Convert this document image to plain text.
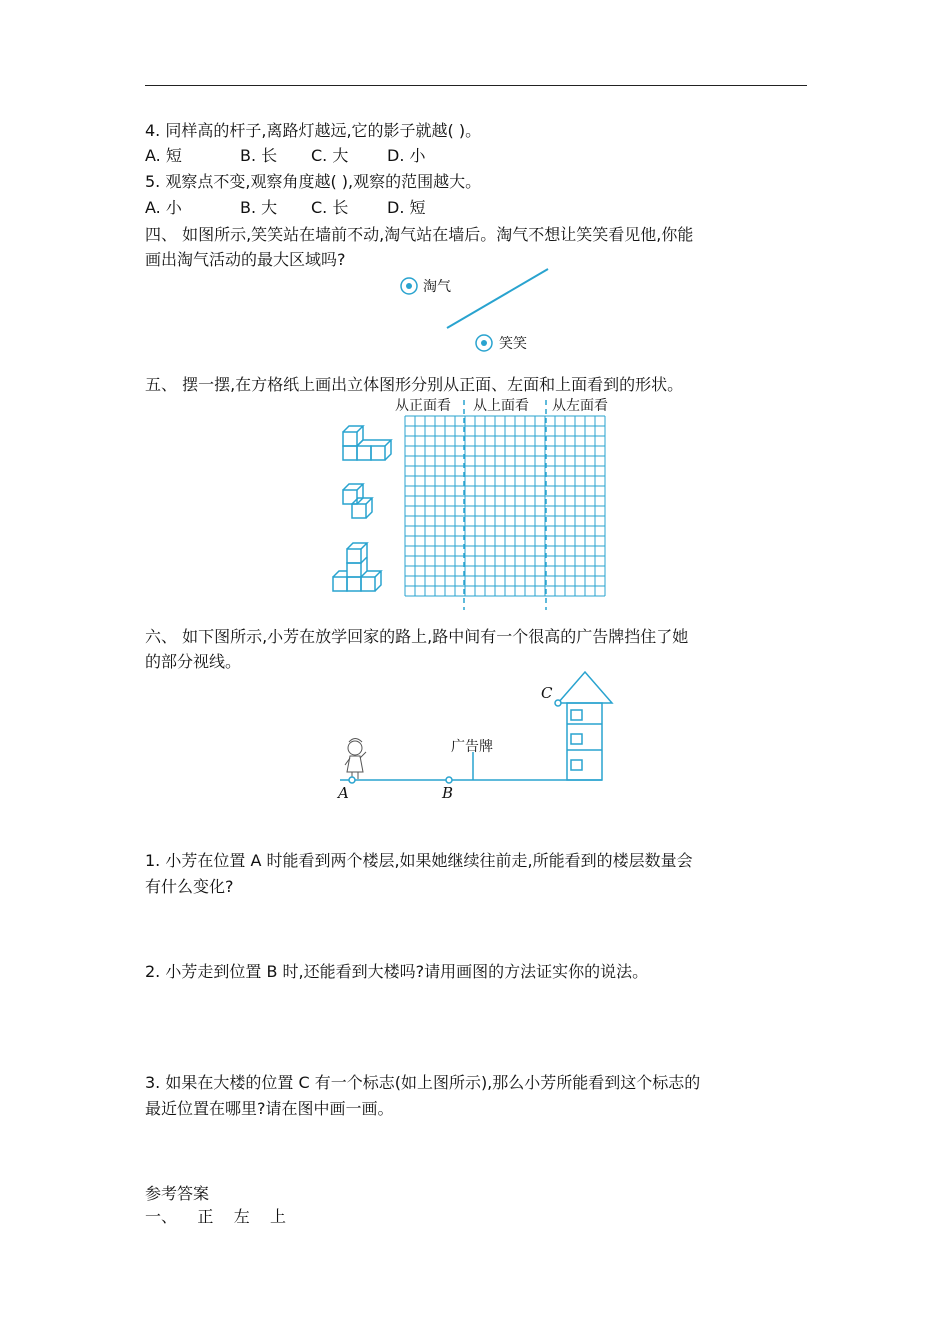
4. 同样高的杆子,离路灯越远,它的影子就越( )。
A. 短	B. 长 C. 大 D. 小
5. 观察点不变,观察角度越( ),观察的范围越大。
A. 小	B. 大 C. 长 D. 短
四、 如图所示,笑笑站在墙前不动,淘气站在墙后。淘气不想让笑笑看见他,你能
画出淘气活动的最大区域吗?
淘气
笑笑
五、 摆一摆,在方格纸上画出立体图形分别从正面、左面和上面看到的形状。
从正面看 从上面看 从左面看
六、 如下图所示,小芳在放学回家的路上,路中间有一个很高的广告牌挡住了她
的部分视线。
A	B
广告牌
C
1. 小芳在位置 A 时能看到两个楼层,如果她继续往前走,所能看到的楼层数量会
有什么变化?
2. 小芳走到位置 B 时,还能看到大楼吗?请用画图的方法证实你的说法。
3. 如果在大楼的位置 C 有一个标志(如上图所示),那么小芳所能看到这个标志的
最近位置在哪里?请在图中画一画。
参考答案
一、    正    左    上
